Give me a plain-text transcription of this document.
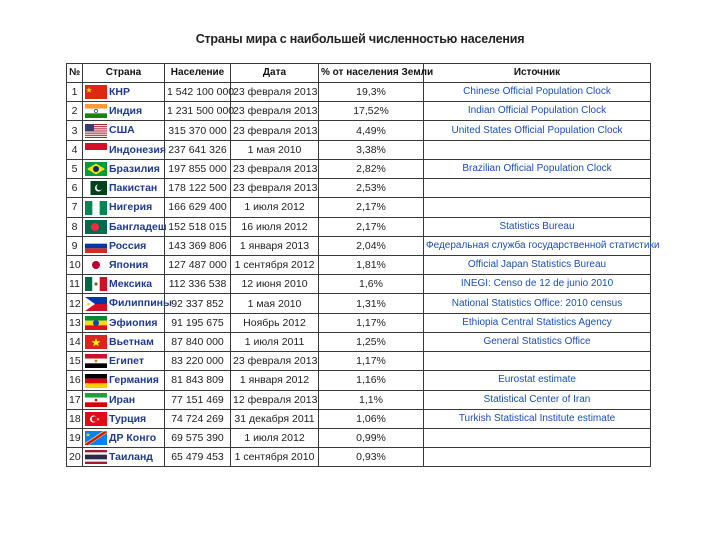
Страны мира с наибольшей численностью населения
№	Страна	Население	Дата	% от населения Земли	Источник
1	КНР	1 542 100 000	23 февраля 2013	19,3%	Chinese Official Population Clock
2	Индия	1 231 500 000	23 февраля 2013	17,52%	Indian Official Population Clock
3	США	315 370 000	23 февраля 2013	4,49%	United States Official Population Clock
4	Индонезия	237 641 326	1 мая 2010	3,38%	
5	Бразилия	197 855 000	23 февраля 2013	2,82%	Brazilian Official Population Clock
6	Пакистан	178 122 500	23 февраля 2013	2,53%	
7	Нигерия	166 629 400	1 июля 2012	2,17%	
8	Бангладеш	152 518 015	16 июля 2012	2,17%	Statistics Bureau
9	Россия	143 369 806	1 января 2013	2,04%	Федеральная служба государственной статистики
10	Япония	127 487 000	1 сентября 2012	1,81%	Official Japan Statistics Bureau
11	Мексика	112 336 538	12 июня 2010	1,6%	INEGI: Censo de 12 de junio 2010
12	Филиппины	92 337 852	1 мая 2010	1,31%	National Statistics Office: 2010 census
13	Эфиопия	91 195 675	Ноябрь 2012	1,17%	Ethiopia Central Statistics Agency
14	Вьетнам	87 840 000	1 июля 2011	1,25%	General Statistics Office
15	Египет	83 220 000	23 февраля 2013	1,17%	
16	Германия	81 843 809	1 января 2012	1,16%	Eurostat estimate
17	Иран	77 151 469	12 февраля 2013	1,1%	Statistical Center of Iran
18	Турция	74 724 269	31 декабря 2011	1,06%	Turkish Statistical Institute estimate
19	ДР Конго	69 575 390	1 июля 2012	0,99%	
20	Таиланд	65 479 453	1 сентября 2010	0,93%	
